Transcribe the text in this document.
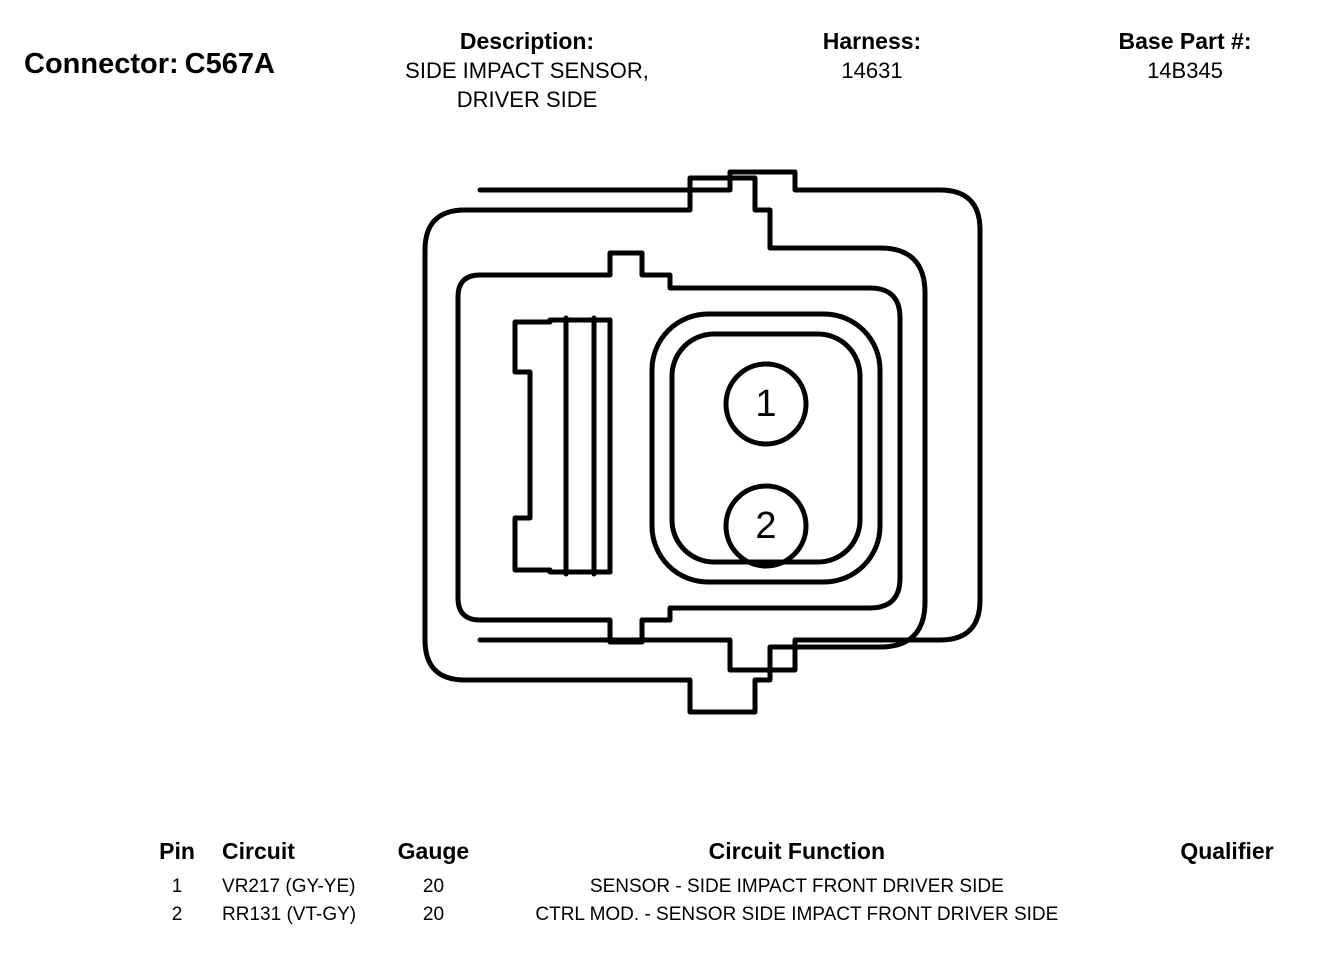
Connector: C567A
Description:
SIDE IMPACT SENSOR,
DRIVER SIDE
Harness:
14631
Base Part #:
14B345
1
2
Pin	Circuit	Gauge	Circuit Function	Qualifier
1	VR217 (GY-YE)	20	SENSOR - SIDE IMPACT FRONT DRIVER SIDE	
2	RR131 (VT-GY)	20	CTRL MOD. - SENSOR SIDE IMPACT FRONT DRIVER SIDE	
